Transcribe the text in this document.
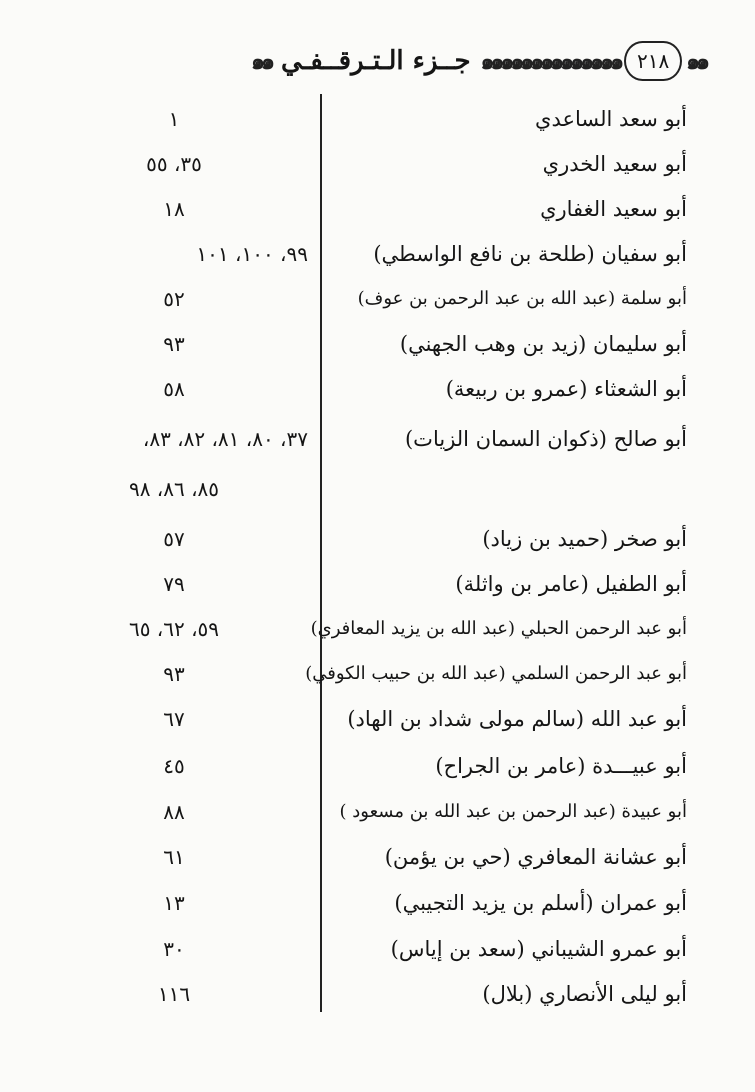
๑๑
٢١٨
๑๑๑๑๑๑๑๑๑๑๑๑๑๑
جــزء الـتـرقــفـي
๑๑
أبو سعد الساعدي
١
أبو سعيد الخدري
٣٥، ٥٥
أبو سعيد الغفاري
١٨
أبو سفيان (طلحة بن نافع الواسطي)
٩٩، ١٠٠، ١٠١
أبو سلمة (عبد الله بن عبد الرحمن بن عوف)
٥٢
أبو سليمان (زيد بن وهب الجهني)
٩٣
أبو الشعثاء (عمرو بن ربيعة)
٥٨
أبو صالح (ذكوان السمان الزيات)
٣٧، ٨٠، ٨١، ٨٢، ٨٣،
٨٥، ٨٦، ٩٨
أبو صخر (حميد بن زياد)
٥٧
أبو الطفيل (عامر بن واثلة)
٧٩
أبو عبد الرحمن الحبلي (عبد الله بن يزيد المعافري)
٥٩، ٦٢، ٦٥
أبو عبد الرحمن السلمي (عبد الله بن حبيب الكوفي)
٩٣
أبو عبد الله (سالم مولى شداد بن الهاد)
٦٧
أبو عبيـــدة (عامر بن الجراح)
٤٥
أبو عبيدة (عبد الرحمن بن عبد الله بن مسعود )
٨٨
أبو عشانة المعافري (حي بن يؤمن)
٦١
أبو عمران (أسلم بن يزيد التجيبي)
١٣
أبو عمرو الشيباني (سعد بن إياس)
٣٠
أبو ليلى الأنصاري (بلال)
١١٦
